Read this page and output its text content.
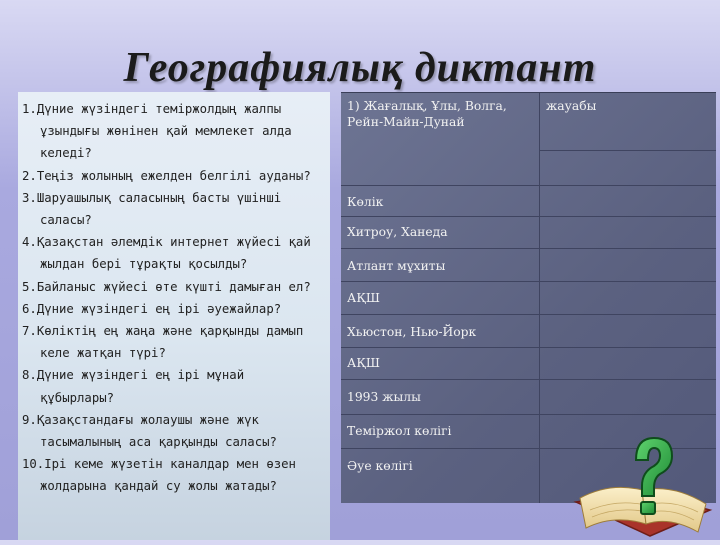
Географиялық диктант
1.Дүние жүзіндегі теміржолдың жалпы ұзындығы жөнінен қай мемлекет алда келеді?
2.Теңіз жолының ежелден белгілі ауданы?
3.Шаруашылық саласының басты үшінші саласы?
4.Қазақстан әлемдік интернет жүйесі қай жылдан бері тұрақты қосылды?
5.Байланыс жүйесі өте күшті дамыған ел?
6.Дүние жүзіндегі ең ірі әуежайлар?
7.Көліктің ең жаңа және қарқынды дамып келе жатқан түрі?
8.Дүние жүзіндегі ең ірі мұнай құбырлары?
9.Қазақстандағы жолаушы және жүк тасымалының аса қарқынды саласы?
10.Ірі кеме жүзетін каналдар мен өзен жолдарына қандай су жолы жатады?
1) Жағалық, Ұлы, Волга, Рейн-Майн-Дунай
жауабы
Көлік
Хитроу, Ханеда
Атлант мұхиты
АҚШ
Хьюстон, Нью-Йорк
АҚШ
1993 жылы
Теміржол көлігі
Әуе көлігі
